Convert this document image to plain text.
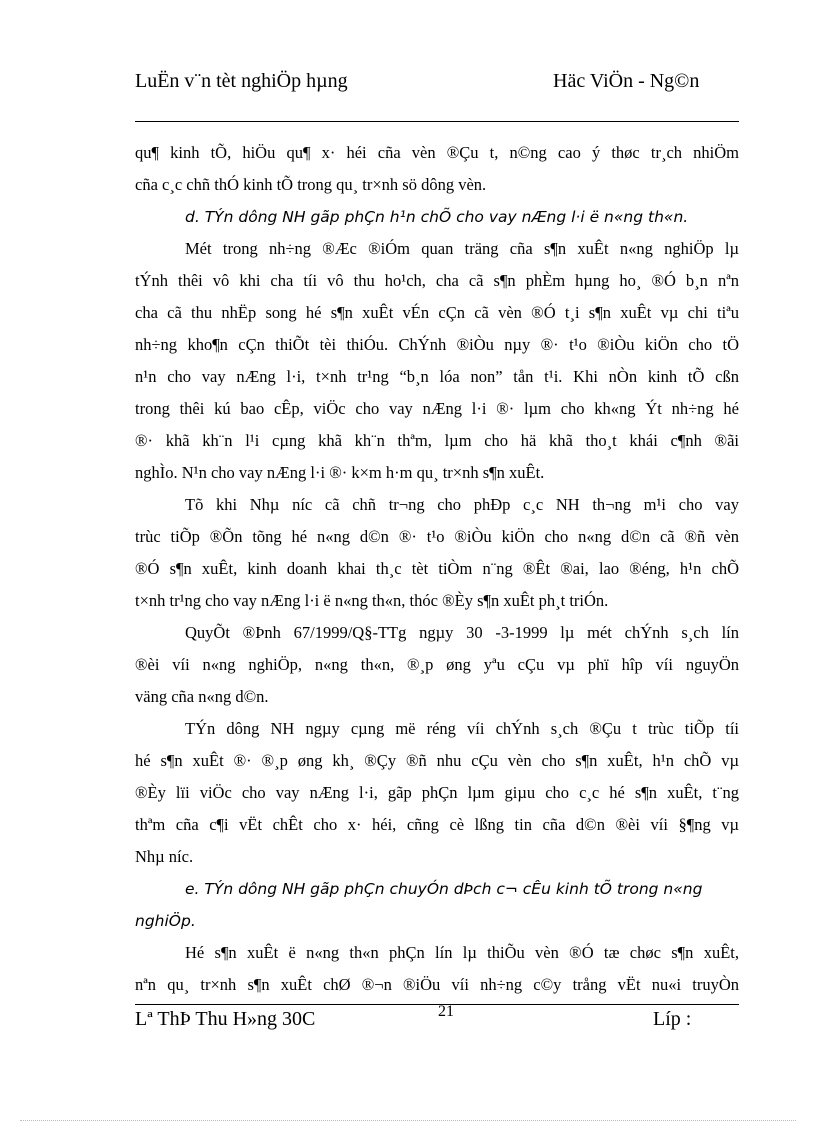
LuËn v¨n tèt nghiÖp hµng	Häc ViÖn - Ng©n
qu¶ kinh tÕ, hiÖu qu¶ x· héi cña vèn ®Çu t, n©ng cao ý thøc tr¸ch nhiÖm
cña c¸c chñ thÓ kinh tÕ trong qu¸ tr×nh sö dông vèn.
d. TÝn dông NH gãp phÇn h¹n chÕ cho vay nÆng l·i ë n«ng th«n.
Mét trong nh÷ng ®Æc ®iÓm quan träng cña s¶n xuÊt n«ng nghiÖp lµ
tÝnh thêi vô khi cha tíi vô thu ho¹ch, cha cã s¶n phÈm hµng ho¸ ®Ó b¸n nªn
cha cã thu nhËp song hé s¶n xuÊt vÉn cÇn cã vèn ®Ó t¸i s¶n xuÊt vµ chi tiªu
nh÷ng kho¶n cÇn thiÕt tèi thiÓu. ChÝnh ®iÒu nµy ®· t¹o ®iÒu kiÖn cho tÖ
n¹n cho vay nÆng l·i, t×nh tr¹ng “b¸n lóa non” tån t¹i. Khi nÒn kinh tÕ cßn
trong thêi kú bao cÊp, viÖc cho vay nÆng l·i ®· lµm cho kh«ng Ýt nh÷ng hé
®· khã kh¨n l¹i cµng khã kh¨n thªm, lµm cho hä khã tho¸t khái c¶nh ®ãi
nghÌo. N¹n cho vay nÆng l·i ®· k×m h·m qu¸ tr×nh s¶n xuÊt.
Tõ khi Nhµ níc cã chñ tr¬ng cho phÐp c¸c NH th¬ng m¹i cho vay
trùc tiÕp ®Õn tõng hé n«ng d©n ®· t¹o ®iÒu kiÖn cho n«ng d©n cã ®ñ vèn
®Ó s¶n xuÊt, kinh doanh khai th¸c tèt tiÒm n¨ng ®Êt ®ai, lao ®éng, h¹n chÕ
t×nh tr¹ng cho vay nÆng l·i ë n«ng th«n, thóc ®Èy s¶n xuÊt ph¸t triÓn.
QuyÕt ®Þnh 67/1999/Q§-TTg ngµy 30 -3-1999 lµ mét chÝnh s¸ch lín
®èi víi n«ng nghiÖp, n«ng th«n, ®¸p øng yªu cÇu vµ phï hîp víi nguyÖn
väng cña n«ng d©n.
TÝn dông NH ngµy cµng më réng víi chÝnh s¸ch ®Çu t trùc tiÕp tíi
hé s¶n xuÊt ®· ®¸p øng kh¸ ®Çy ®ñ nhu cÇu vèn cho s¶n xuÊt, h¹n chÕ vµ
®Èy lïi viÖc cho vay nÆng l·i, gãp phÇn lµm giµu cho c¸c hé s¶n xuÊt, t¨ng
thªm cña c¶i vËt chÊt cho x· héi, cñng cè lßng tin cña d©n ®èi víi §¶ng vµ
Nhµ níc.
e. TÝn dông NH gãp phÇn chuyÓn dÞch c¬ cÊu kinh tÕ trong n«ng
nghiÖp.
Hé s¶n xuÊt ë n«ng th«n phÇn lín lµ thiÕu vèn ®Ó tæ chøc s¶n xuÊt,
nªn qu¸ tr×nh s¶n xuÊt chØ ®¬n ®iÖu víi nh÷ng c©y trång vËt nu«i truyÒn
Lª ThÞ Thu H»ng 30C	21	Líp :
